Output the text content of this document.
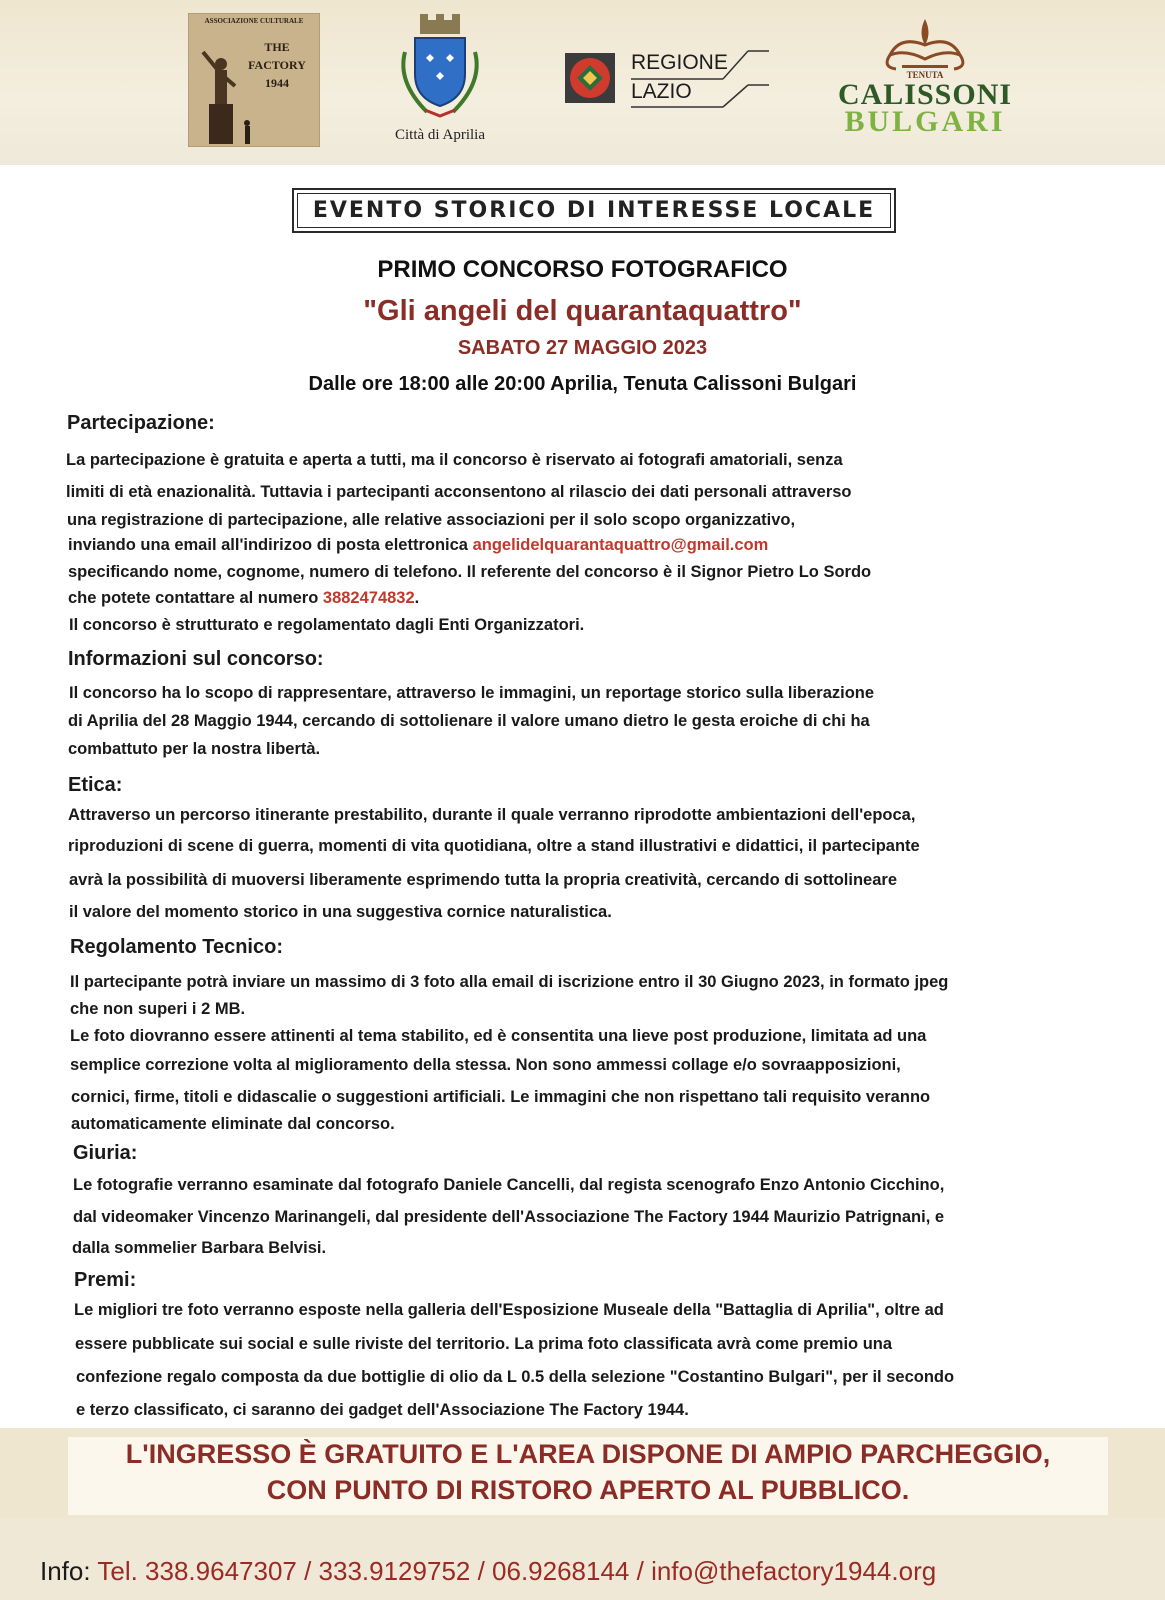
ASSOCIAZIONE CULTURALE
THE
FACTORY
1944
Città di Aprilia
REGIONE
LAZIO
TENUTA
CALISSONI
BULGARI
EVENTO STORICO DI INTERESSE LOCALE
PRIMO CONCORSO FOTOGRAFICO
"Gli angeli del quarantaquattro"
SABATO 27 MAGGIO 2023
Dalle ore 18:00 alle 20:00 Aprilia, Tenuta Calissoni Bulgari
Partecipazione:
La partecipazione è gratuita e aperta a tutti, ma il concorso è riservato ai fotografi amatoriali, senza
limiti di età enazionalità. Tuttavia i partecipanti acconsentono al rilascio dei dati personali attraverso
una registrazione di partecipazione, alle relative associazioni per il solo scopo organizzativo,
inviando una email all'indirizoo di posta elettronica angelidelquarantaquattro@gmail.com
specificando nome, cognome, numero di telefono. Il referente del concorso è il Signor Pietro Lo Sordo
che potete contattare al numero 3882474832.
Il concorso è strutturato e regolamentato dagli Enti Organizzatori.
Informazioni sul concorso:
Il concorso ha lo scopo di rappresentare, attraverso le immagini, un reportage storico sulla liberazione
di Aprilia del 28 Maggio 1944, cercando di sottolienare il valore umano dietro le gesta eroiche di chi ha
combattuto per la nostra libertà.
Etica:
Attraverso un percorso itinerante prestabilito, durante il quale verranno riprodotte ambientazioni dell'epoca,
riproduzioni di scene di guerra, momenti di vita quotidiana, oltre a stand illustrativi e didattici, il partecipante
avrà la possibilità di muoversi liberamente esprimendo tutta la propria creatività, cercando di sottolineare
il valore del momento storico in una suggestiva cornice naturalistica.
Regolamento Tecnico:
Il partecipante potrà inviare un massimo di 3 foto alla email di iscrizione entro il 30 Giugno 2023, in formato jpeg
che non superi i 2 MB.
Le foto diovranno essere attinenti al tema stabilito, ed è consentita una lieve post produzione, limitata ad una
semplice correzione volta al miglioramento della stessa. Non sono ammessi collage e/o sovraapposizioni,
cornici, firme, titoli e didascalie o suggestioni artificiali. Le immagini che non rispettano tali requisito veranno
automaticamente eliminate dal concorso.
Giuria:
Le fotografie verranno esaminate dal fotografo Daniele Cancelli, dal regista scenografo Enzo Antonio Cicchino,
dal videomaker Vincenzo Marinangeli, dal presidente dell'Associazione The Factory 1944 Maurizio Patrignani, e
dalla sommelier Barbara Belvisi.
Premi:
Le migliori tre foto verranno esposte nella galleria dell'Esposizione Museale della "Battaglia di Aprilia", oltre ad
essere pubblicate sui social e sulle riviste del territorio. La prima foto classificata avrà come premio una
confezione regalo composta da due bottiglie di olio da L 0.5 della selezione "Costantino Bulgari", per il secondo
e terzo classificato, ci saranno dei gadget dell'Associazione The Factory 1944.
L'INGRESSO È GRATUITO E L'AREA DISPONE DI AMPIO PARCHEGGIO,
CON PUNTO DI RISTORO APERTO AL PUBBLICO.
Info: Tel. 338.9647307 / 333.9129752 / 06.9268144 / info@thefactory1944.org
